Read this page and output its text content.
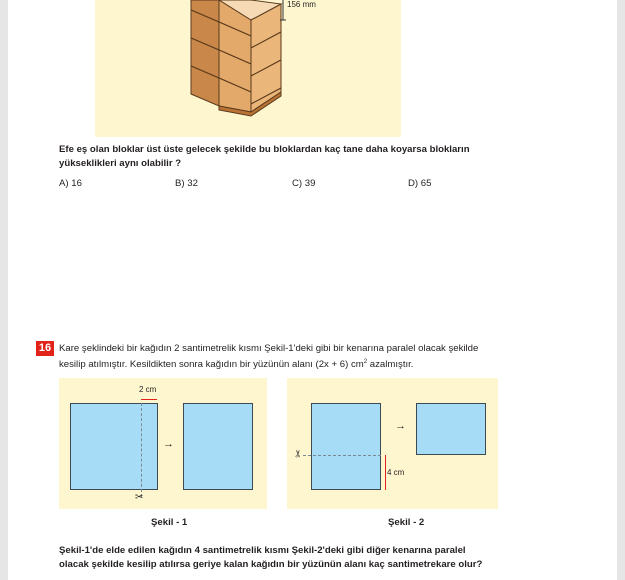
156 mm
Efe eş olan bloklar üst üste gelecek şekilde bu bloklardan kaç tane daha koyarsa blokların
yükseklikleri aynı olabilir ?
A) 16	B) 32	C) 39	D) 65
16 Kare şeklindeki bir kağıdın 2 santimetrelik kısmı Şekil-1'deki gibi bir kenarına paralel olacak şekilde
kesilip atılmıştır. Kesildikten sonra kağıdın bir yüzünün alanı (2x + 6) $cm^2$ azalmıştır.
2 cm
✂
→
Şekil - 1
✂
4 cm
→
Şekil - 2
Şekil-1'de elde edilen kağıdın 4 santimetrelik kısmı Şekil-2'deki gibi diğer kenarına paralel
olacak şekilde kesilip atılırsa geriye kalan kağıdın bir yüzünün alanı kaç santimetrekare olur?
